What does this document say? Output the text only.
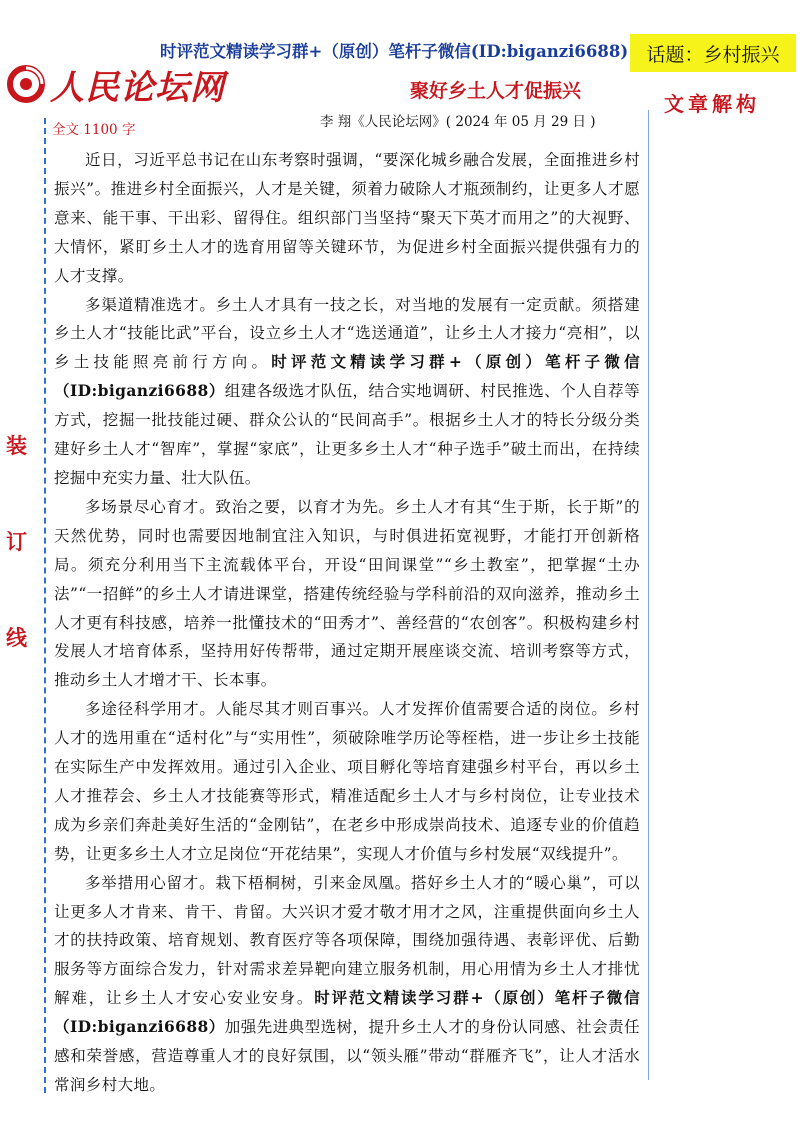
人民论坛网
时评范文精读学习群+（原创）笔杆子微信(ID:biganzi6688) 话题：乡村振兴
聚好乡土人才促振兴
李 翔《人民论坛网》( 2024 年 05 月 29 日 )
全文 1100 字
文章解构
装
订
线

近日，习近平总书记在山东考察时强调，“要深化城乡融合发展，全面推进乡村振兴”。推进乡村全面振兴，人才是关键，须着力破除人才瓶颈制约，让更多人才愿意来、能干事、干出彩、留得住。组织部门当坚持“聚天下英才而用之”的大视野、大情怀，紧盯乡土人才的选育用留等关键环节，为促进乡村全面振兴提供强有力的人才支撑。

多渠道精准选才。乡土人才具有一技之长，对当地的发展有一定贡献。须搭建乡土人才“技能比武”平台，设立乡土人才“选送通道”，让乡土人才接力“亮相”，以乡土技能照亮前行方向。时评范文精读学习群+（原创）笔杆子微信（ID:biganzi6688）组建各级选才队伍，结合实地调研、村民推选、个人自荐等方式，挖掘一批技能过硬、群众公认的“民间高手”。根据乡土人才的特长分级分类建好乡土人才“智库”，掌握“家底”，让更多乡土人才“种子选手”破土而出，在持续挖掘中充实力量、壮大队伍。

多场景尽心育才。致治之要，以育才为先。乡土人才有其“生于斯，长于斯”的天然优势，同时也需要因地制宜注入知识，与时俱进拓宽视野，才能打开创新格局。须充分利用当下主流载体平台，开设“田间课堂”“乡土教室”，把掌握“土办法”“一招鲜”的乡土人才请进课堂，搭建传统经验与学科前沿的双向滋养，推动乡土人才更有科技感，培养一批懂技术的“田秀才”、善经营的“农创客”。积极构建乡村发展人才培育体系，坚持用好传帮带，通过定期开展座谈交流、培训考察等方式，推动乡土人才增才干、长本事。

多途径科学用才。人能尽其才则百事兴。人才发挥价值需要合适的岗位。乡村人才的选用重在“适村化”与“实用性”，须破除唯学历论等桎梏，进一步让乡土技能在实际生产中发挥效用。通过引入企业、项目孵化等培育建强乡村平台，再以乡土人才推荐会、乡土人才技能赛等形式，精准适配乡土人才与乡村岗位，让专业技术成为乡亲们奔赴美好生活的“金刚钻”，在老乡中形成崇尚技术、追逐专业的价值趋势，让更多乡土人才立足岗位“开花结果”，实现人才价值与乡村发展“双线提升”。

多举措用心留才。栽下梧桐树，引来金凤凰。搭好乡土人才的“暖心巢”，可以让更多人才肯来、肯干、肯留。大兴识才爱才敬才用才之风，注重提供面向乡土人才的扶持政策、培育规划、教育医疗等各项保障，围绕加强待遇、表彰评优、后勤服务等方面综合发力，针对需求差异靶向建立服务机制，用心用情为乡土人才排忧解难，让乡土人才安心安业安身。时评范文精读学习群+（原创）笔杆子微信（ID:biganzi6688）加强先进典型选树，提升乡土人才的身份认同感、社会责任感和荣誉感，营造尊重人才的良好氛围，以“领头雁”带动“群雁齐飞”，让人才活水常润乡村大地。
